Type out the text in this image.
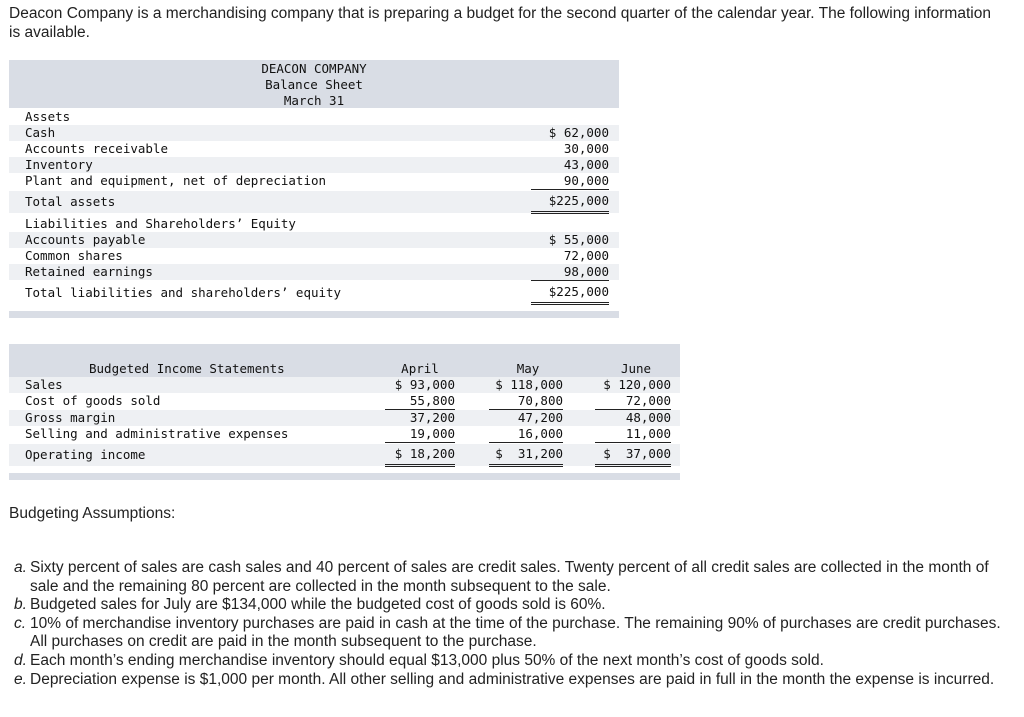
Deacon Company is a merchandising company that is preparing a budget for the second quarter of the calendar year. The following information is available.
DEACON COMPANY
Balance Sheet
March 31
Assets
Cash	$ 62,000
Accounts receivable	30,000
Inventory	43,000
Plant and equipment, net of depreciation	90,000
Total assets	$225,000
Liabilities and Shareholders’ Equity
Accounts payable	$ 55,000
Common shares	72,000
Retained earnings	98,000
Total liabilities and shareholders’ equity	$225,000
Budgeted Income Statements	April	May	June
Sales	$ 93,000	$ 118,000	$ 120,000
Cost of goods sold	55,800	70,800	72,000
Gross margin	37,200	47,200	48,000
Selling and administrative expenses	19,000	16,000	11,000
Operating income	$ 18,200	$  31,200	$  37,000
Budgeting Assumptions:
a. Sixty percent of sales are cash sales and 40 percent of sales are credit sales. Twenty percent of all credit sales are collected in the month of sale and the remaining 80 percent are collected in the month subsequent to the sale.
b. Budgeted sales for July are $134,000 while the budgeted cost of goods sold is 60%.
c. 10% of merchandise inventory purchases are paid in cash at the time of the purchase. The remaining 90% of purchases are credit purchases. All purchases on credit are paid in the month subsequent to the purchase.
d. Each month’s ending merchandise inventory should equal $13,000 plus 50% of the next month’s cost of goods sold.
e. Depreciation expense is $1,000 per month. All other selling and administrative expenses are paid in full in the month the expense is incurred.
